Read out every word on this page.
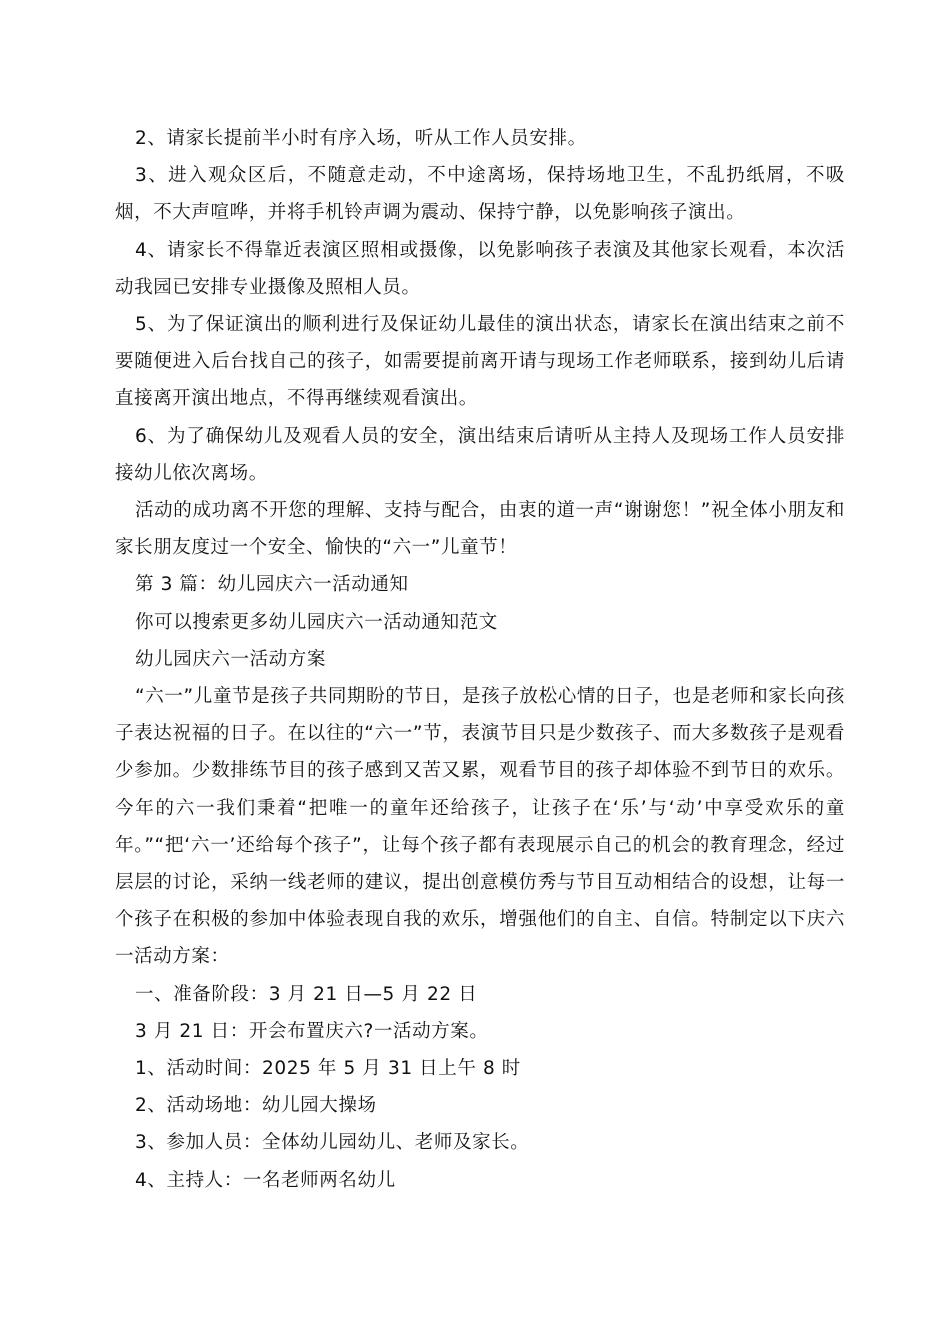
2、请家长提前半小时有序入场，听从工作人员安排。

3、进入观众区后，不随意走动，不中途离场，保持场地卫生，不乱扔纸屑，不吸烟，不大声喧哗，并将手机铃声调为震动、保持宁静，以免影响孩子演出。

4、请家长不得靠近表演区照相或摄像，以免影响孩子表演及其他家长观看，本次活动我园已安排专业摄像及照相人员。

5、为了保证演出的顺利进行及保证幼儿最佳的演出状态，请家长在演出结束之前不要随便进入后台找自己的孩子，如需要提前离开请与现场工作老师联系，接到幼儿后请直接离开演出地点，不得再继续观看演出。

6、为了确保幼儿及观看人员的安全，演出结束后请听从主持人及现场工作人员安排接幼儿依次离场。

活动的成功离不开您的理解、支持与配合，由衷的道一声“谢谢您！”祝全体小朋友和家长朋友度过一个安全、愉快的“六一”儿童节！

第 3 篇：幼儿园庆六一活动通知

你可以搜索更多幼儿园庆六一活动通知范文

幼儿园庆六一活动方案

“六一”儿童节是孩子共同期盼的节日，是孩子放松心情的日子，也是老师和家长向孩子表达祝福的日子。在以往的“六一”节，表演节目只是少数孩子、而大多数孩子是观看少参加。少数排练节目的孩子感到又苦又累，观看节目的孩子却体验不到节日的欢乐。今年的六一我们秉着“把唯一的童年还给孩子，让孩子在‘乐’与‘动’中享受欢乐的童年。”“把‘六一’还给每个孩子”，让每个孩子都有表现展示自己的机会的教育理念，经过层层的讨论，采纳一线老师的建议，提出创意模仿秀与节目互动相结合的设想，让每一个孩子在积极的参加中体验表现自我的欢乐，增强他们的自主、自信。特制定以下庆六一活动方案：

一、准备阶段：3 月 21 日—5 月 22 日

3 月 21 日：开会布置庆六?一活动方案。

1、活动时间：2025 年 5 月 31 日上午 8 时

2、活动场地：幼儿园大操场

3、参加人员：全体幼儿园幼儿、老师及家长。

4、主持人：一名老师两名幼儿
